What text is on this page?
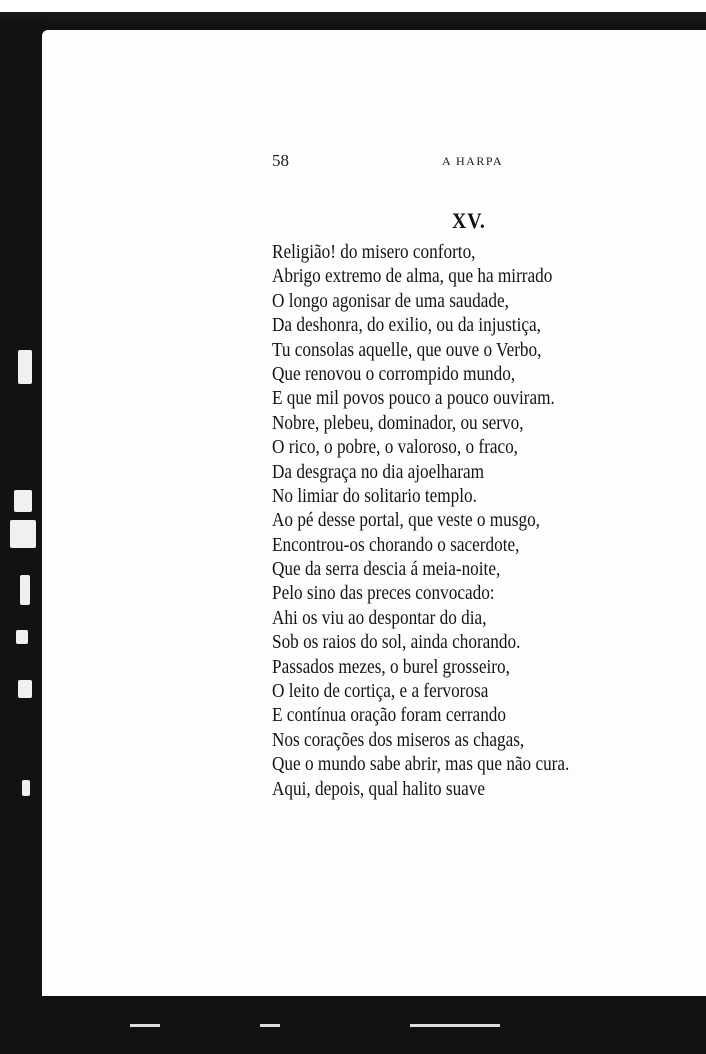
58	A HARPA
XV.
Religião! do misero conforto,
Abrigo extremo de alma, que ha mirrado
O longo agonisar de uma saudade,
Da deshonra, do exilio, ou da injustiça,
Tu consolas aquelle, que ouve o Verbo,
Que renovou o corrompido mundo,
E que mil povos pouco a pouco ouviram.
Nobre, plebeu, dominador, ou servo,
O rico, o pobre, o valoroso, o fraco,
Da desgraça no dia ajoelharam
No limiar do solitario templo.
Ao pé desse portal, que veste o musgo,
Encontrou-os chorando o sacerdote,
Que da serra descia á meia-noite,
Pelo sino das preces convocado:
Ahi os viu ao despontar do dia,
Sob os raios do sol, ainda chorando.
Passados mezes, o burel grosseiro,
O leito de cortiça, e a fervorosa
E contínua oração foram cerrando
Nos corações dos miseros as chagas,
Que o mundo sabe abrir, mas que não cura.
Aqui, depois, qual halito suave
